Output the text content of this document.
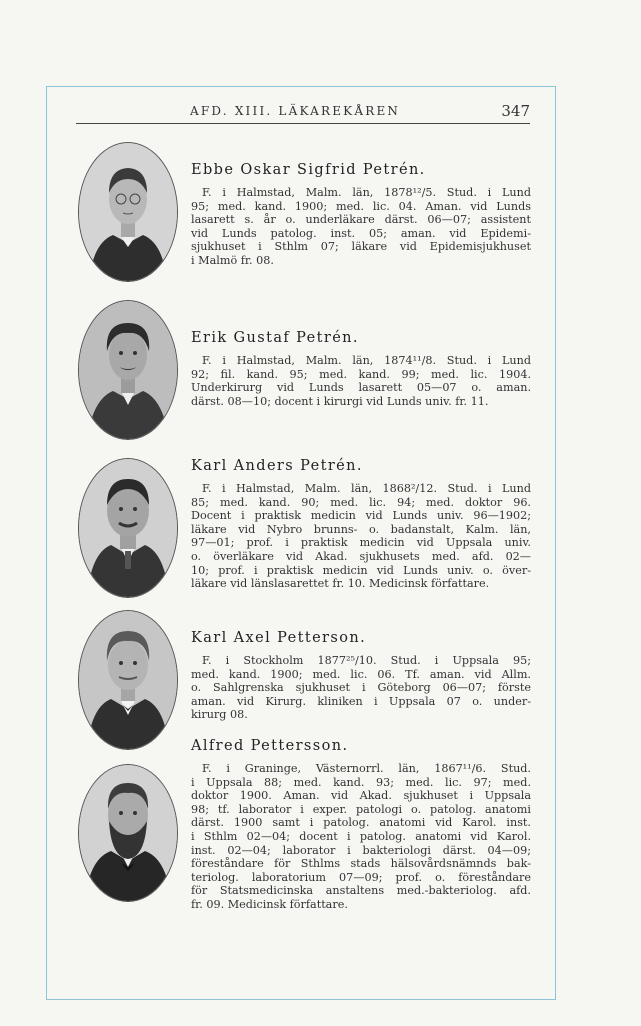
AFD. XIII. LÄKAREKÅREN	347

Ebbe Oskar Sigfrid Petrén.

F. i Halmstad, Malm. län, 1878¹²/5. Stud. i Lund
95; med. kand. 1900; med. lic. 04. Aman. vid Lunds
lasarett s. år o. underläkare därst. 06—07; assistent
vid Lunds patolog. inst. 05; aman. vid Epidemi-
sjukhuset i Sthlm 07; läkare vid Epidemisjukhuset
i Malmö fr. 08.

Erik Gustaf Petrén.

F. i Halmstad, Malm. län, 1874¹¹/8. Stud. i Lund
92; fil. kand. 95; med. kand. 99; med. lic. 1904.
Underkirurg vid Lunds lasarett 05—07 o. aman.
därst. 08—10; docent i kirurgi vid Lunds univ. fr. 11.

Karl Anders Petrén.

F. i Halmstad, Malm. län, 1868²/12. Stud. i Lund
85; med. kand. 90; med. lic. 94; med. doktor 96.
Docent i praktisk medicin vid Lunds univ. 96—1902;
läkare vid Nybro brunns- o. badanstalt, Kalm. län,
97—01; prof. i praktisk medicin vid Uppsala univ.
o. överläkare vid Akad. sjukhusets med. afd. 02—
10; prof. i praktisk medicin vid Lunds univ. o. över-
läkare vid länslasarettet fr. 10. Medicinsk författare.

Karl Axel Petterson.

F. i Stockholm 1877²⁵/10. Stud. i Uppsala 95;
med. kand. 1900; med. lic. 06. Tf. aman. vid Allm.
o. Sahlgrenska sjukhuset i Göteborg 06—07; förste
aman. vid Kirurg. kliniken i Uppsala 07 o. under-
kirurg 08.

Alfred Pettersson.

F. i Graninge, Västernorrl. län, 1867¹¹/6. Stud.
i Uppsala 88; med. kand. 93; med. lic. 97; med.
doktor 1900. Aman. vid Akad. sjukhuset i Uppsala
98; tf. laborator i exper. patologi o. patolog. anatomi
därst. 1900 samt i patolog. anatomi vid Karol. inst.
i Sthlm 02—04; docent i patolog. anatomi vid Karol.
inst. 02—04; laborator i bakteriologi därst. 04—09;
föreståndare för Sthlms stads hälsovårdsnämnds bak-
teriolog. laboratorium 07—09; prof. o. föreståndare
för Statsmedicinska anstaltens med.-bakteriolog. afd.
fr. 09. Medicinsk författare.
